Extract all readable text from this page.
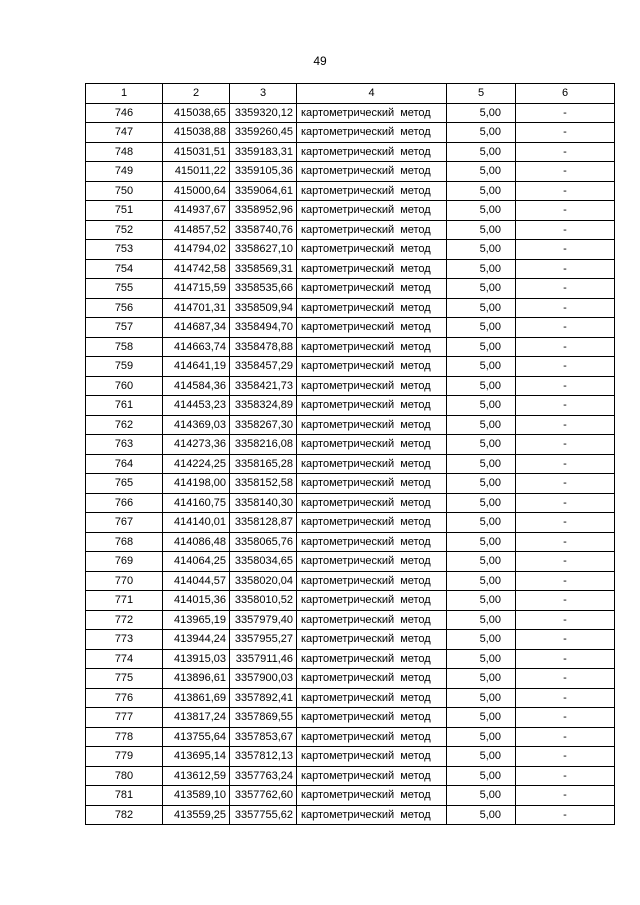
49
1	2	3	4	5	6
746	415038,65	3359320,12	картометрический метод	5,00	-
747	415038,88	3359260,45	картометрический метод	5,00	-
748	415031,51	3359183,31	картометрический метод	5,00	-
749	415011,22	3359105,36	картометрический метод	5,00	-
750	415000,64	3359064,61	картометрический метод	5,00	-
751	414937,67	3358952,96	картометрический метод	5,00	-
752	414857,52	3358740,76	картометрический метод	5,00	-
753	414794,02	3358627,10	картометрический метод	5,00	-
754	414742,58	3358569,31	картометрический метод	5,00	-
755	414715,59	3358535,66	картометрический метод	5,00	-
756	414701,31	3358509,94	картометрический метод	5,00	-
757	414687,34	3358494,70	картометрический метод	5,00	-
758	414663,74	3358478,88	картометрический метод	5,00	-
759	414641,19	3358457,29	картометрический метод	5,00	-
760	414584,36	3358421,73	картометрический метод	5,00	-
761	414453,23	3358324,89	картометрический метод	5,00	-
762	414369,03	3358267,30	картометрический метод	5,00	-
763	414273,36	3358216,08	картометрический метод	5,00	-
764	414224,25	3358165,28	картометрический метод	5,00	-
765	414198,00	3358152,58	картометрический метод	5,00	-
766	414160,75	3358140,30	картометрический метод	5,00	-
767	414140,01	3358128,87	картометрический метод	5,00	-
768	414086,48	3358065,76	картометрический метод	5,00	-
769	414064,25	3358034,65	картометрический метод	5,00	-
770	414044,57	3358020,04	картометрический метод	5,00	-
771	414015,36	3358010,52	картометрический метод	5,00	-
772	413965,19	3357979,40	картометрический метод	5,00	-
773	413944,24	3357955,27	картометрический метод	5,00	-
774	413915,03	3357911,46	картометрический метод	5,00	-
775	413896,61	3357900,03	картометрический метод	5,00	-
776	413861,69	3357892,41	картометрический метод	5,00	-
777	413817,24	3357869,55	картометрический метод	5,00	-
778	413755,64	3357853,67	картометрический метод	5,00	-
779	413695,14	3357812,13	картометрический метод	5,00	-
780	413612,59	3357763,24	картометрический метод	5,00	-
781	413589,10	3357762,60	картометрический метод	5,00	-
782	413559,25	3357755,62	картометрический метод	5,00	-
